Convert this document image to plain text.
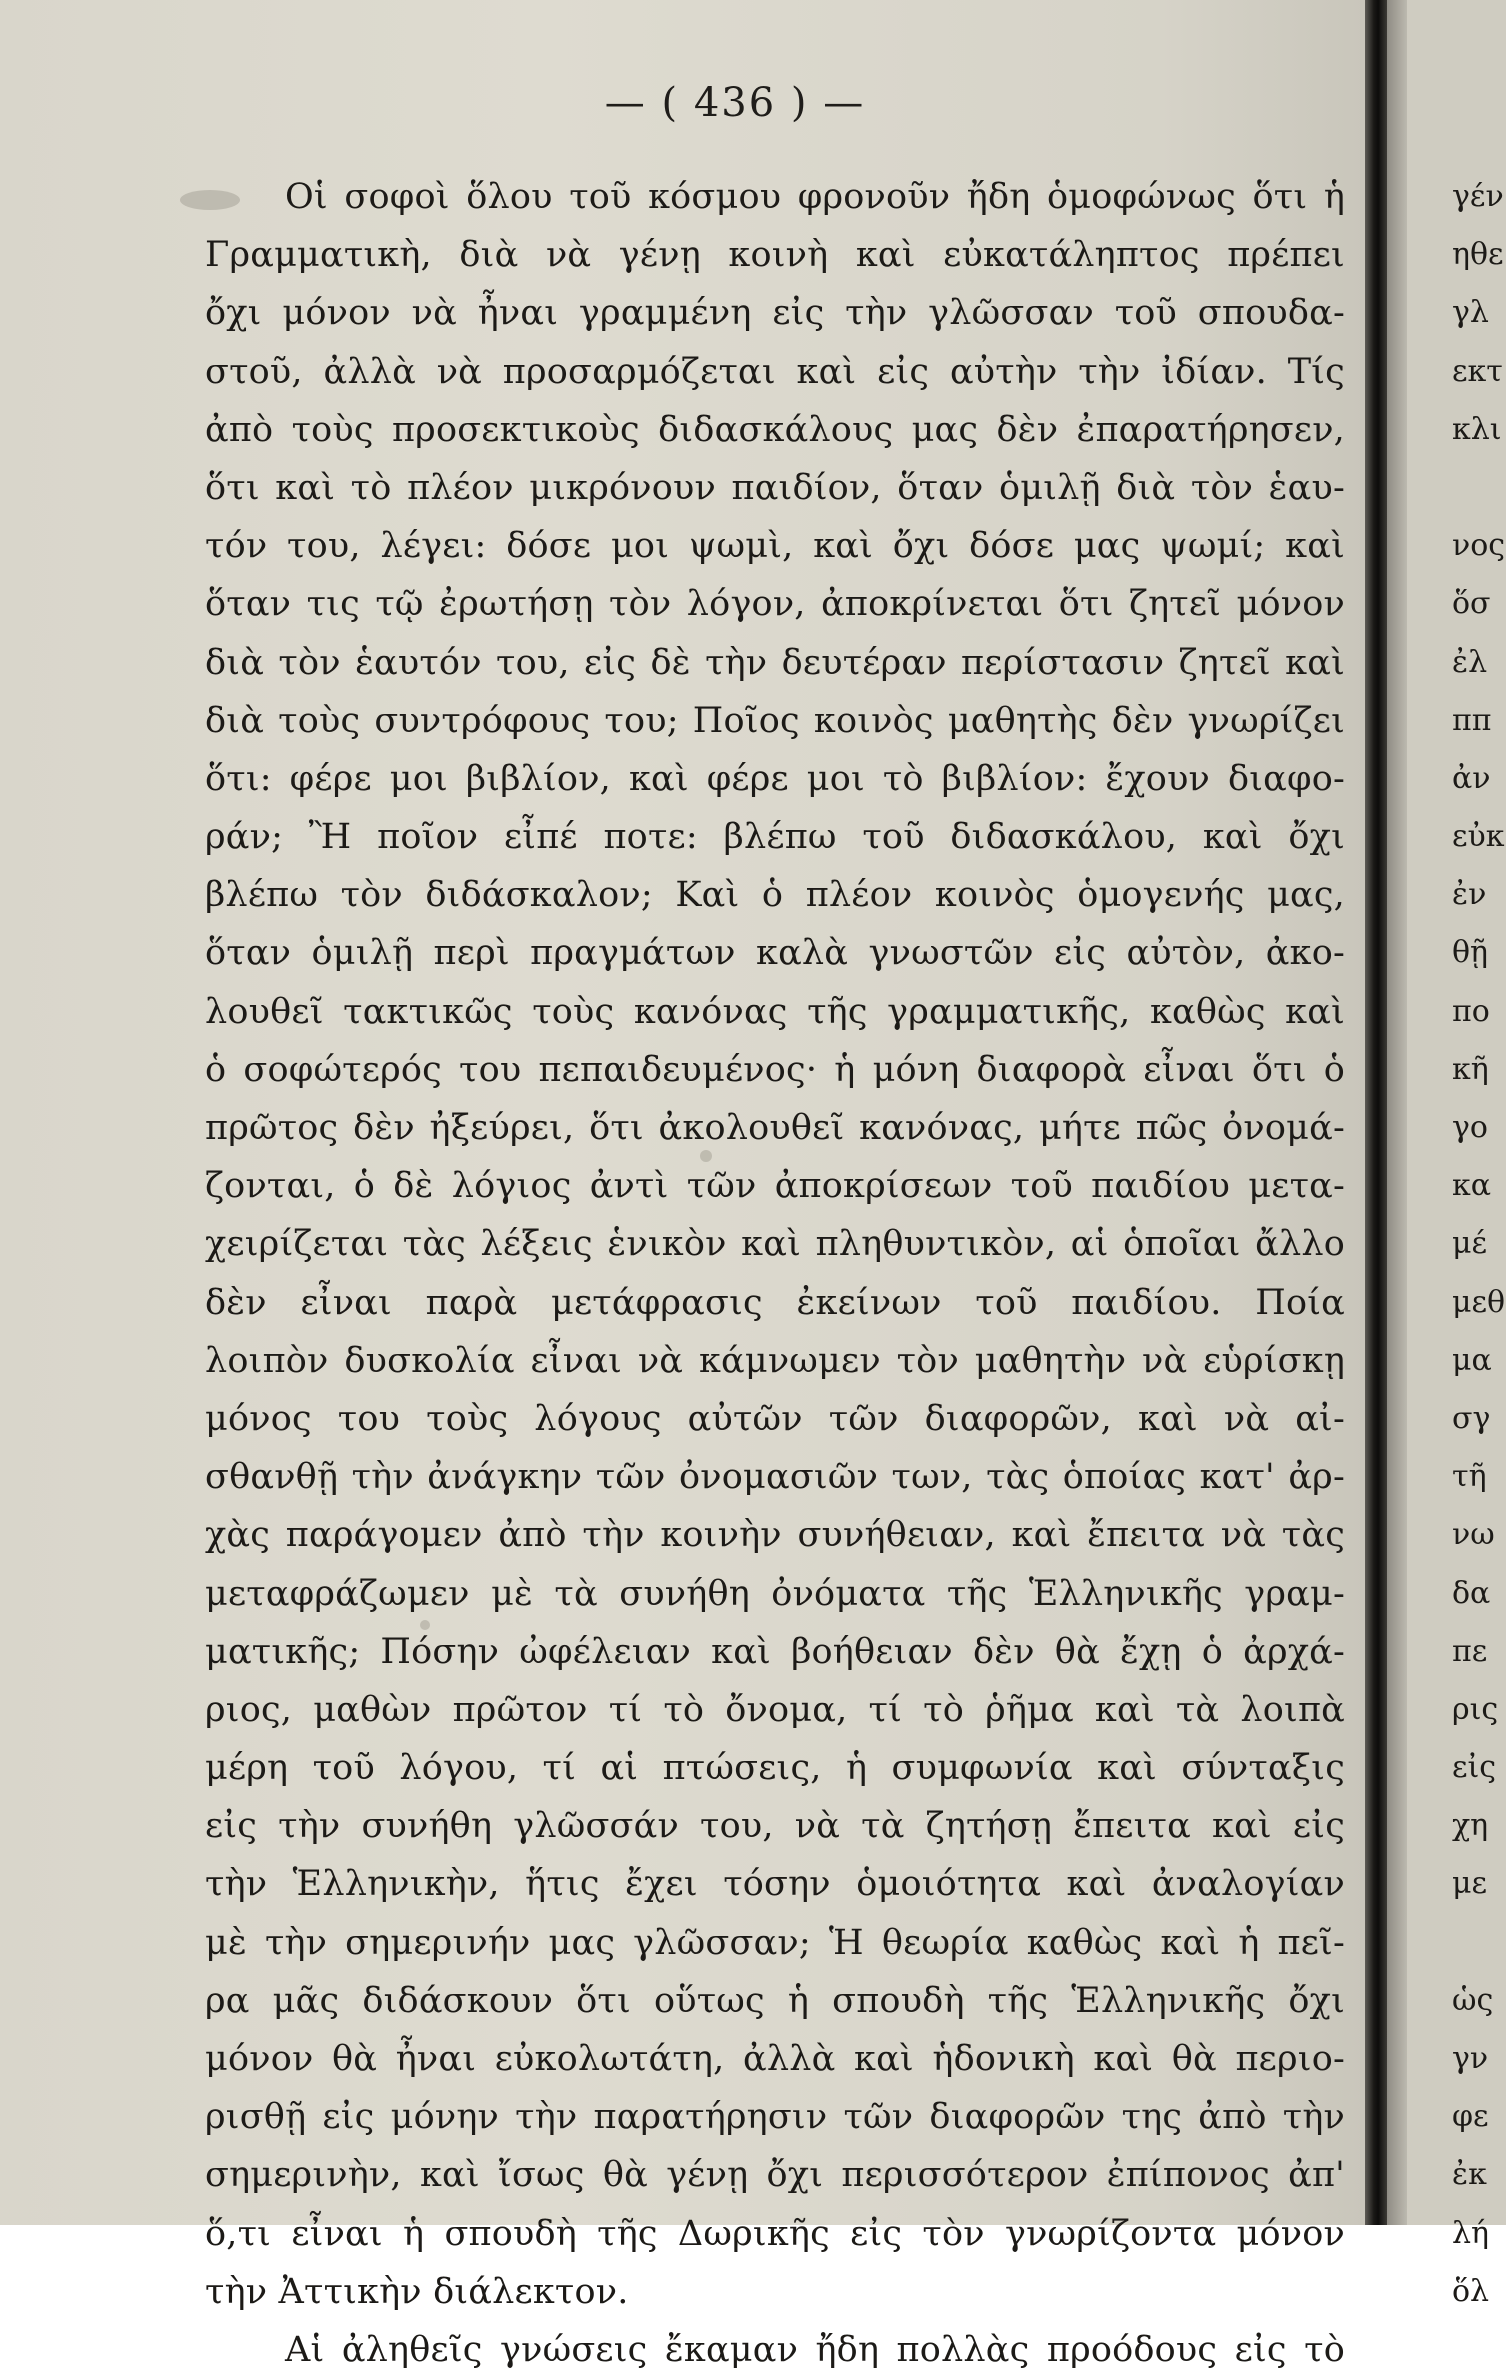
— ( 436 ) —
Οἱ σοφοὶ ὅλου τοῦ κόσμου φρονοῦν ἤδη ὁμοφώνως ὅτι ἡ
Γραμματικὴ, διὰ νὰ γένῃ κοινὴ καὶ εὐκατάληπτος πρέπει
ὄχι μόνον νὰ ἦναι γραμμένη εἰς τὴν γλῶσσαν τοῦ σπουδα-
στοῦ, ἀλλὰ νὰ προσαρμόζεται καὶ εἰς αὐτὴν τὴν ἰδίαν. Τίς
ἀπὸ τοὺς προσεκτικοὺς διδασκάλους μας δὲν ἐπαρατήρησεν,
ὅτι καὶ τὸ πλέον μικρόνουν παιδίον, ὅταν ὁμιλῇ διὰ τὸν ἑαυ-
τόν του, λέγει: δόσε μοι ψωμὶ, καὶ ὄχι δόσε μας ψωμί; καὶ
ὅταν τις τῷ ἐρωτήσῃ τὸν λόγον, ἀποκρίνεται ὅτι ζητεῖ μόνον
διὰ τὸν ἑαυτόν του, εἰς δὲ τὴν δευτέραν περίστασιν ζητεῖ καὶ
διὰ τοὺς συντρόφους του; Ποῖος κοινὸς μαθητὴς δὲν γνωρίζει
ὅτι: φέρε μοι βιβλίον, καὶ φέρε μοι τὸ βιβλίον: ἔχουν διαφο-
ράν; Ἢ ποῖον εἶπέ ποτε: βλέπω τοῦ διδασκάλου, καὶ ὄχι
βλέπω τὸν διδάσκαλον; Καὶ ὁ πλέον κοινὸς ὁμογενής μας,
ὅταν ὁμιλῇ περὶ πραγμάτων καλὰ γνωστῶν εἰς αὐτὸν, ἀκο-
λουθεῖ τακτικῶς τοὺς κανόνας τῆς γραμματικῆς, καθὼς καὶ
ὁ σοφώτερός του πεπαιδευμένος· ἡ μόνη διαφορὰ εἶναι ὅτι ὁ
πρῶτος δὲν ἠξεύρει, ὅτι ἀκολουθεῖ κανόνας, μήτε πῶς ὀνομά-
ζονται, ὁ δὲ λόγιος ἀντὶ τῶν ἀποκρίσεων τοῦ παιδίου μετα-
χειρίζεται τὰς λέξεις ἑνικὸν καὶ πληθυντικὸν, αἱ ὁποῖαι ἄλλο
δὲν εἶναι παρὰ μετάφρασις ἐκείνων τοῦ παιδίου. Ποία
λοιπὸν δυσκολία εἶναι νὰ κάμνωμεν τὸν μαθητὴν νὰ εὑρίσκῃ
μόνος του τοὺς λόγους αὐτῶν τῶν διαφορῶν, καὶ νὰ αἰ-
σθανθῇ τὴν ἀνάγκην τῶν ὀνομασιῶν των, τὰς ὁποίας κατ' ἀρ-
χὰς παράγομεν ἀπὸ τὴν κοινὴν συνήθειαν, καὶ ἔπειτα νὰ τὰς
μεταφράζωμεν μὲ τὰ συνήθη ὀνόματα τῆς Ἑλληνικῆς γραμ-
ματικῆς; Πόσην ὠφέλειαν καὶ βοήθειαν δὲν θὰ ἔχῃ ὁ ἀρχά-
ριος, μαθὼν πρῶτον τί τὸ ὄνομα, τί τὸ ῥῆμα καὶ τὰ λοιπὰ
μέρη τοῦ λόγου, τί αἱ πτώσεις, ἡ συμφωνία καὶ σύνταξις
εἰς τὴν συνήθη γλῶσσάν του, νὰ τὰ ζητήσῃ ἔπειτα καὶ εἰς
τὴν Ἑλληνικὴν, ἥτις ἔχει τόσην ὁμοιότητα καὶ ἀναλογίαν
μὲ τὴν σημερινήν μας γλῶσσαν; Ἡ θεωρία καθὼς καὶ ἡ πεῖ-
ρα μᾶς διδάσκουν ὅτι οὕτως ἡ σπουδὴ τῆς Ἑλληνικῆς ὄχι
μόνον θὰ ἦναι εὐκολωτάτη, ἀλλὰ καὶ ἡδονικὴ καὶ θὰ περιο-
ρισθῇ εἰς μόνην τὴν παρατήρησιν τῶν διαφορῶν της ἀπὸ τὴν
σημερινὴν, καὶ ἴσως θὰ γένῃ ὄχι περισσότερον ἐπίπονος ἀπ'
ὅ,τι εἶναι ἡ σπουδὴ τῆς Δωρικῆς εἰς τὸν γνωρίζοντα μόνον
τὴν Ἀττικὴν διάλεκτον.
Αἱ ἀληθεῖς γνώσεις ἔκαμαν ἤδη πολλὰς προόδους εἰς τὸ
γέν
ηθε
γλ
εκτ
κλι
νος
ὅσ
ἐλ
ππ
ἀν
εὐκ
ἐν
θῇ
πο
κῆ
γο
κα
μέ
μεθ
μα
σγ
τῆ
νω
δα
πε
ρις
εἰς
χη
με
ὡς
γν
φε
ἐκ
λή
ὅλ
